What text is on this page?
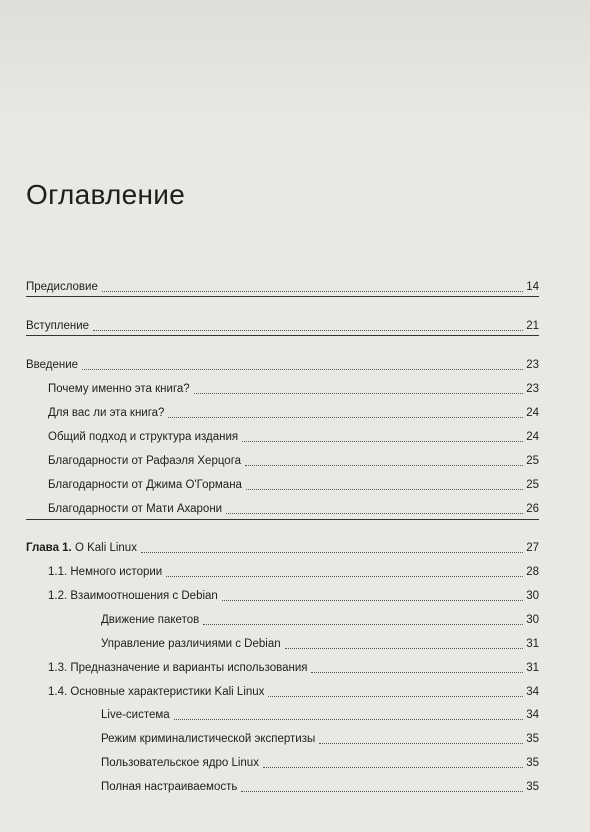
Оглавление
Предисловие	14
Вступление	21
Введение	23
Почему именно эта книга?	23
Для вас ли эта книга?	24
Общий подход и структура издания	24
Благодарности от Рафаэля Херцога	25
Благодарности от Джима О'Гормана	25
Благодарности от Мати Ахарони	26
Глава 1. O Kali Linux	27
1.1. Немного истории	28
1.2. Взаимоотношения с Debian	30
Движение пакетов	30
Управление различиями с Debian	31
1.3. Предназначение и варианты использования	31
1.4. Основные характеристики Kali Linux	34
Live-система	34
Режим криминалистической экспертизы	35
Пользовательское ядро Linux	35
Полная настраиваемость	35
